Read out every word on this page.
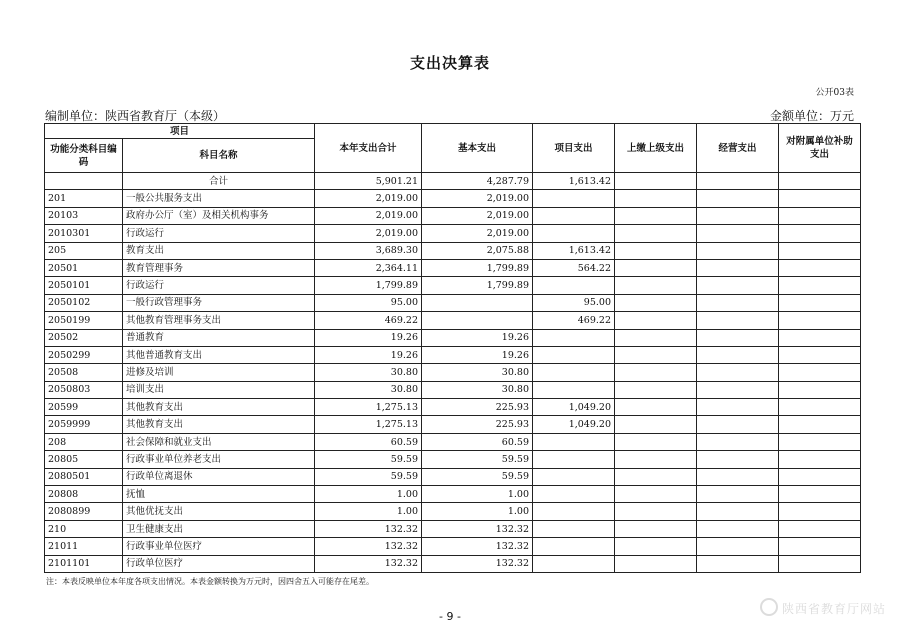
支出决算表
公开03表
编制单位：陕西省教育厅（本级）	金额单位：万元
项目		本年支出合计	基本支出	项目支出	上缴上级支出	经营支出	对附属单位补助支出
功能分类科目编码	科目名称						
	合计	5,901.21	4,287.79	1,613.42			
201	一般公共服务支出	2,019.00	2,019.00				
20103	政府办公厅（室）及相关机构事务	2,019.00	2,019.00				
2010301	行政运行	2,019.00	2,019.00				
205	教育支出	3,689.30	2,075.88	1,613.42			
20501	教育管理事务	2,364.11	1,799.89	564.22			
2050101	行政运行	1,799.89	1,799.89				
2050102	一般行政管理事务	95.00		95.00			
2050199	其他教育管理事务支出	469.22		469.22			
20502	普通教育	19.26	19.26				
2050299	其他普通教育支出	19.26	19.26				
20508	进修及培训	30.80	30.80				
2050803	培训支出	30.80	30.80				
20599	其他教育支出	1,275.13	225.93	1,049.20			
2059999	其他教育支出	1,275.13	225.93	1,049.20			
208	社会保障和就业支出	60.59	60.59				
20805	行政事业单位养老支出	59.59	59.59				
2080501	行政单位离退休	59.59	59.59				
20808	抚恤	1.00	1.00				
2080899	其他优抚支出	1.00	1.00				
210	卫生健康支出	132.32	132.32				
21011	行政事业单位医疗	132.32	132.32				
2101101	行政单位医疗	132.32	132.32				
注：本表反映单位本年度各项支出情况。本表金额转换为万元时，因四舍五入可能存在尾差。
- 9 -
陕西省教育厅网站
